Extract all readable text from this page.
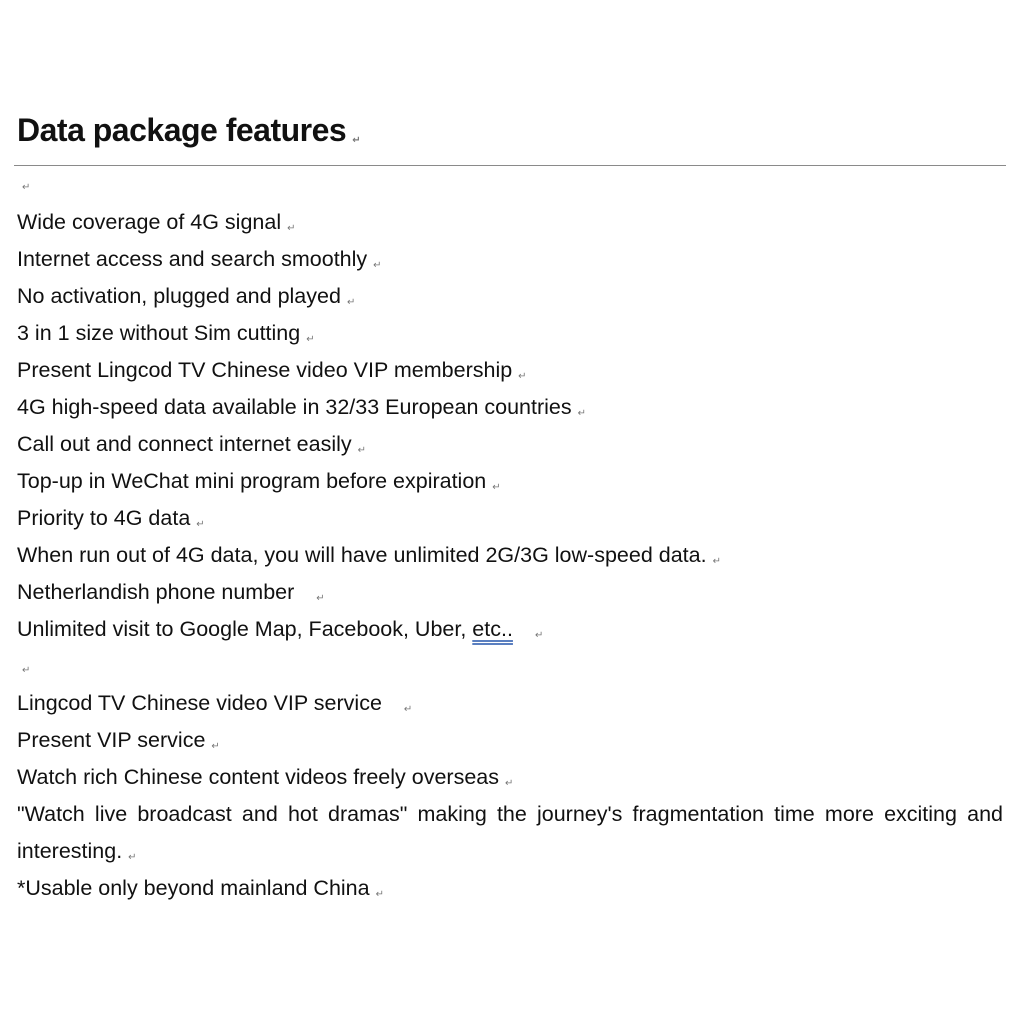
Data package features ↵
↵
Wide coverage of 4G signal ↵
Internet access and search smoothly ↵
No activation, plugged and played ↵
3 in 1 size without Sim cutting ↵
Present Lingcod TV Chinese video VIP membership ↵
4G high-speed data available in 32/33 European countries ↵
Call out and connect internet easily ↵
Top-up in WeChat mini program before expiration ↵
Priority to 4G data ↵
When run out of 4G data, you will have unlimited 2G/3G low-speed data. ↵
Netherlandish phone number ↵
Unlimited visit to Google Map, Facebook, Uber, etc.. ↵
↵
Lingcod TV Chinese video VIP service ↵
Present VIP service ↵
Watch rich Chinese content videos freely overseas ↵
"Watch live broadcast and hot dramas" making the journey's fragmentation time more exciting and interesting. ↵
*Usable only beyond mainland China ↵
